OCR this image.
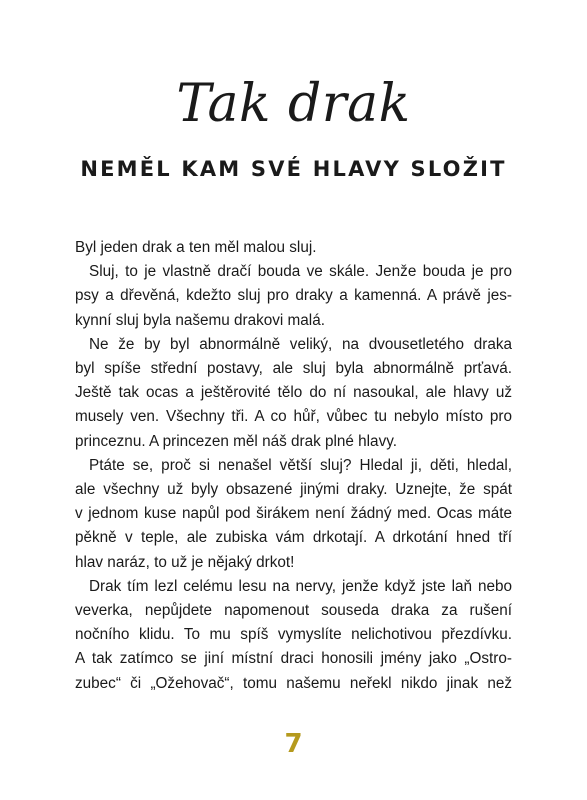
Tak drak
NEMĚL KAM SVÉ HLAVY SLOŽIT
Byl jeden drak a ten měl malou sluj.
Sluj, to je vlastně dračí bouda ve skále. Jenže bouda je pro
psy a dřevěná, kdežto sluj pro draky a kamenná. A právě jes-
kynní sluj byla našemu drakovi malá.
Ne že by byl abnormálně veliký, na dvousetletého draka
byl spíše střední postavy, ale sluj byla abnormálně prťavá.
Ještě tak ocas a ještěrovité tělo do ní nasoukal, ale hlavy už
musely ven. Všechny tři. A co hůř, vůbec tu nebylo místo pro
princeznu. A princezen měl náš drak plné hlavy.
Ptáte se, proč si nenašel větší sluj? Hledal ji, děti, hledal,
ale všechny už byly obsazené jinými draky. Uznejte, že spát
v jednom kuse napůl pod širákem není žádný med. Ocas máte
pěkně v teple, ale zubiska vám drkotají. A drkotání hned tří
hlav naráz, to už je nějaký drkot!
Drak tím lezl celému lesu na nervy, jenže když jste laň nebo
veverka, nepůjdete napomenout souseda draka za rušení
nočního klidu. To mu spíš vymyslíte nelichotivou přezdívku.
A tak zatímco se jiní místní draci honosili jmény jako „Ostro-
zubec“ či „Ožehovač“, tomu našemu neřekl nikdo jinak než
7
